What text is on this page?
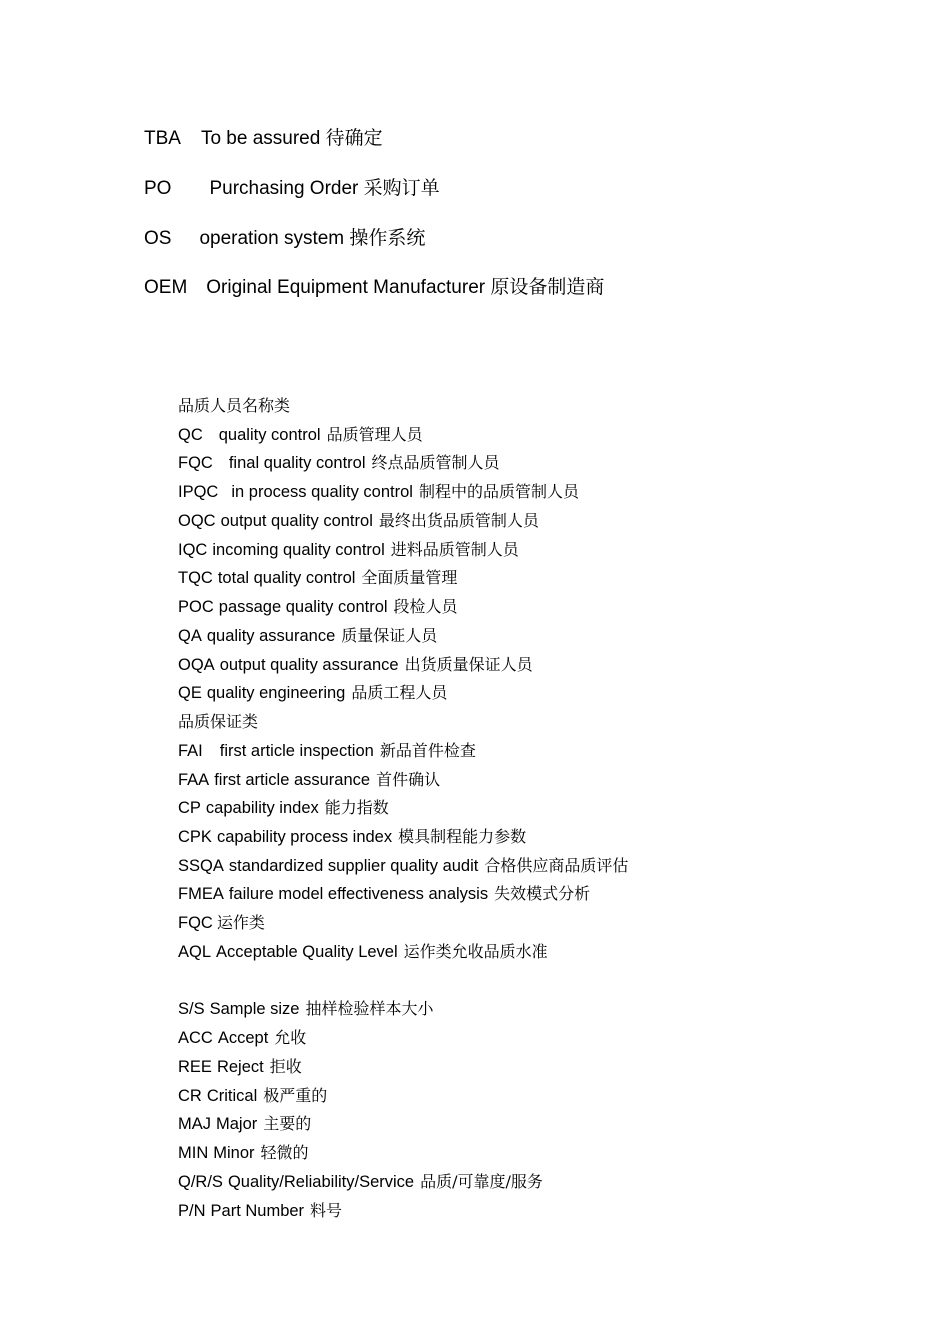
TBA To be assured 待确定
PO Purchasing Order 采购订单
OS operation system 操作系统
OEM Original Equipment Manufacturer 原设备制造商
品质人员名称类
QC quality control 品质管理人员
FQC final quality control 终点品质管制人员
IPQC in process quality control 制程中的品质管制人员
OQC output quality control 最终出货品质管制人员
IQC incoming quality control 进料品质管制人员
TQC total quality control 全面质量管理
POC passage quality control 段检人员
QA quality assurance 质量保证人员
OQA output quality assurance 出货质量保证人员
QE quality engineering 品质工程人员
品质保证类
FAI first article inspection 新品首件检查
FAA first article assurance 首件确认
CP capability index 能力指数
CPK capability process index 模具制程能力参数
SSQA standardized supplier quality audit 合格供应商品质评估
FMEA failure model effectiveness analysis 失效模式分析
FQC 运作类
AQL Acceptable Quality Level 运作类允收品质水准
S/S Sample size 抽样检验样本大小
ACC Accept 允收
REE Reject 拒收
CR Critical 极严重的
MAJ Major 主要的
MIN Minor 轻微的
Q/R/S Quality/Reliability/Service 品质/可靠度/服务
P/N Part Number 料号
